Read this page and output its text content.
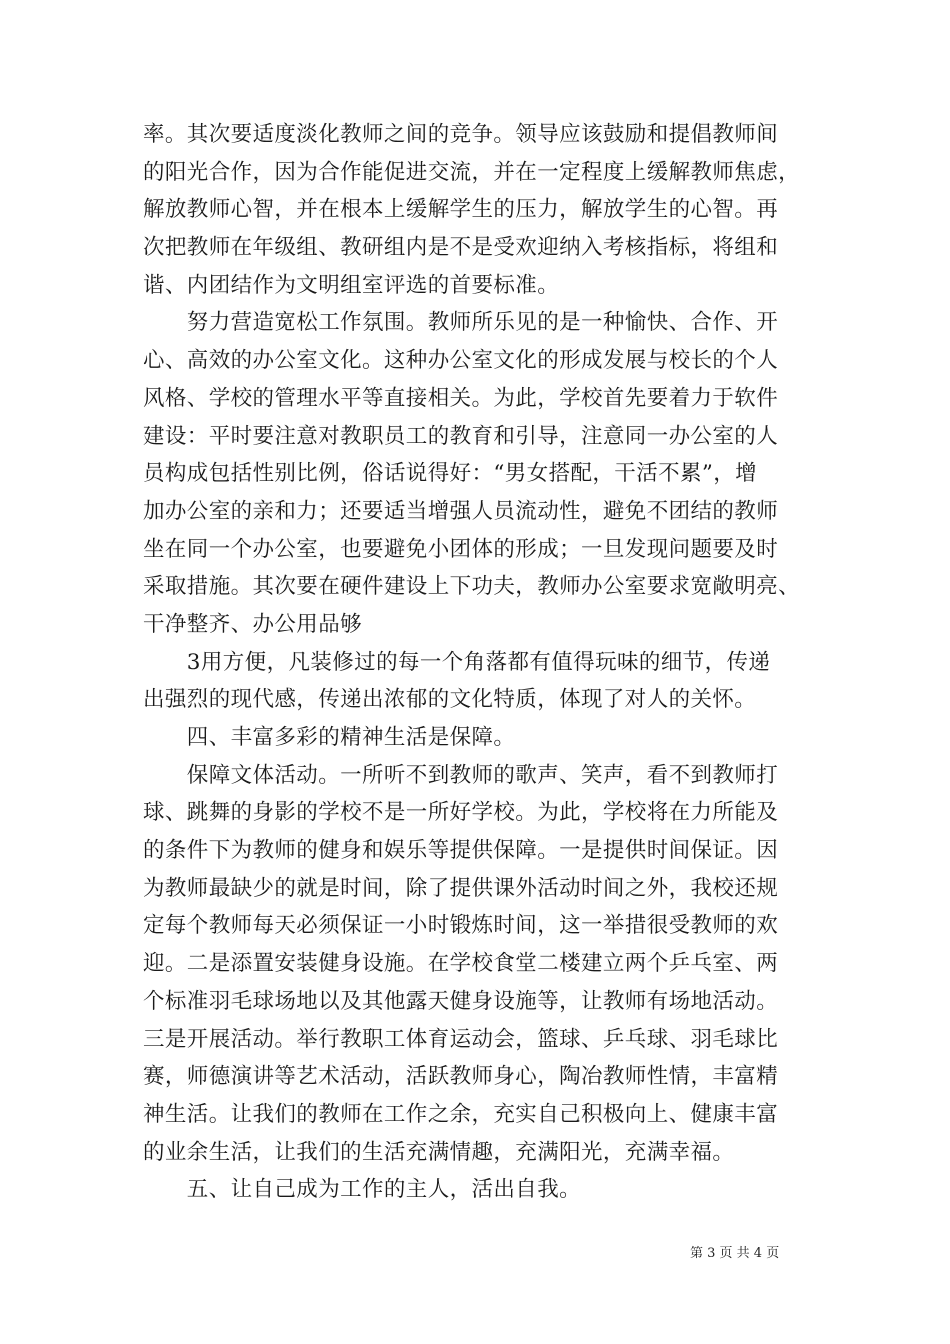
率。其次要适度淡化教师之间的竞争。领导应该鼓励和提倡教师间
的阳光合作，因为合作能促进交流，并在一定程度上缓解教师焦虑，
解放教师心智，并在根本上缓解学生的压力，解放学生的心智。再
次把教师在年级组、教研组内是不是受欢迎纳入考核指标，将组和
谐、内团结作为文明组室评选的首要标准。
　　努力营造宽松工作氛围。教师所乐见的是一种愉快、合作、开
心、高效的办公室文化。这种办公室文化的形成发展与校长的个人
风格、学校的管理水平等直接相关。为此，学校首先要着力于软件
建设：平时要注意对教职员工的教育和引导，注意同一办公室的人
员构成包括性别比例，俗话说得好：“男女搭配，干活不累”，增
加办公室的亲和力；还要适当增强人员流动性，避免不团结的教师
坐在同一个办公室，也要避免小团体的形成；一旦发现问题要及时
采取措施。其次要在硬件建设上下功夫，教师办公室要求宽敞明亮、
干净整齐、办公用品够
　　3用方便，凡装修过的每一个角落都有值得玩味的细节，传递
出强烈的现代感，传递出浓郁的文化特质，体现了对人的关怀。
　　四、丰富多彩的精神生活是保障。
　　保障文体活动。一所听不到教师的歌声、笑声，看不到教师打
球、跳舞的身影的学校不是一所好学校。为此，学校将在力所能及
的条件下为教师的健身和娱乐等提供保障。一是提供时间保证。因
为教师最缺少的就是时间，除了提供课外活动时间之外，我校还规
定每个教师每天必须保证一小时锻炼时间，这一举措很受教师的欢
迎。二是添置安装健身设施。在学校食堂二楼建立两个乒乓室、两
个标准羽毛球场地以及其他露天健身设施等，让教师有场地活动。
三是开展活动。举行教职工体育运动会，篮球、乒乓球、羽毛球比
赛，师德演讲等艺术活动，活跃教师身心，陶冶教师性情，丰富精
神生活。让我们的教师在工作之余，充实自己积极向上、健康丰富
的业余生活，让我们的生活充满情趣，充满阳光，充满幸福。
　　五、让自己成为工作的主人，活出自我。
第 3 页 共 4 页
